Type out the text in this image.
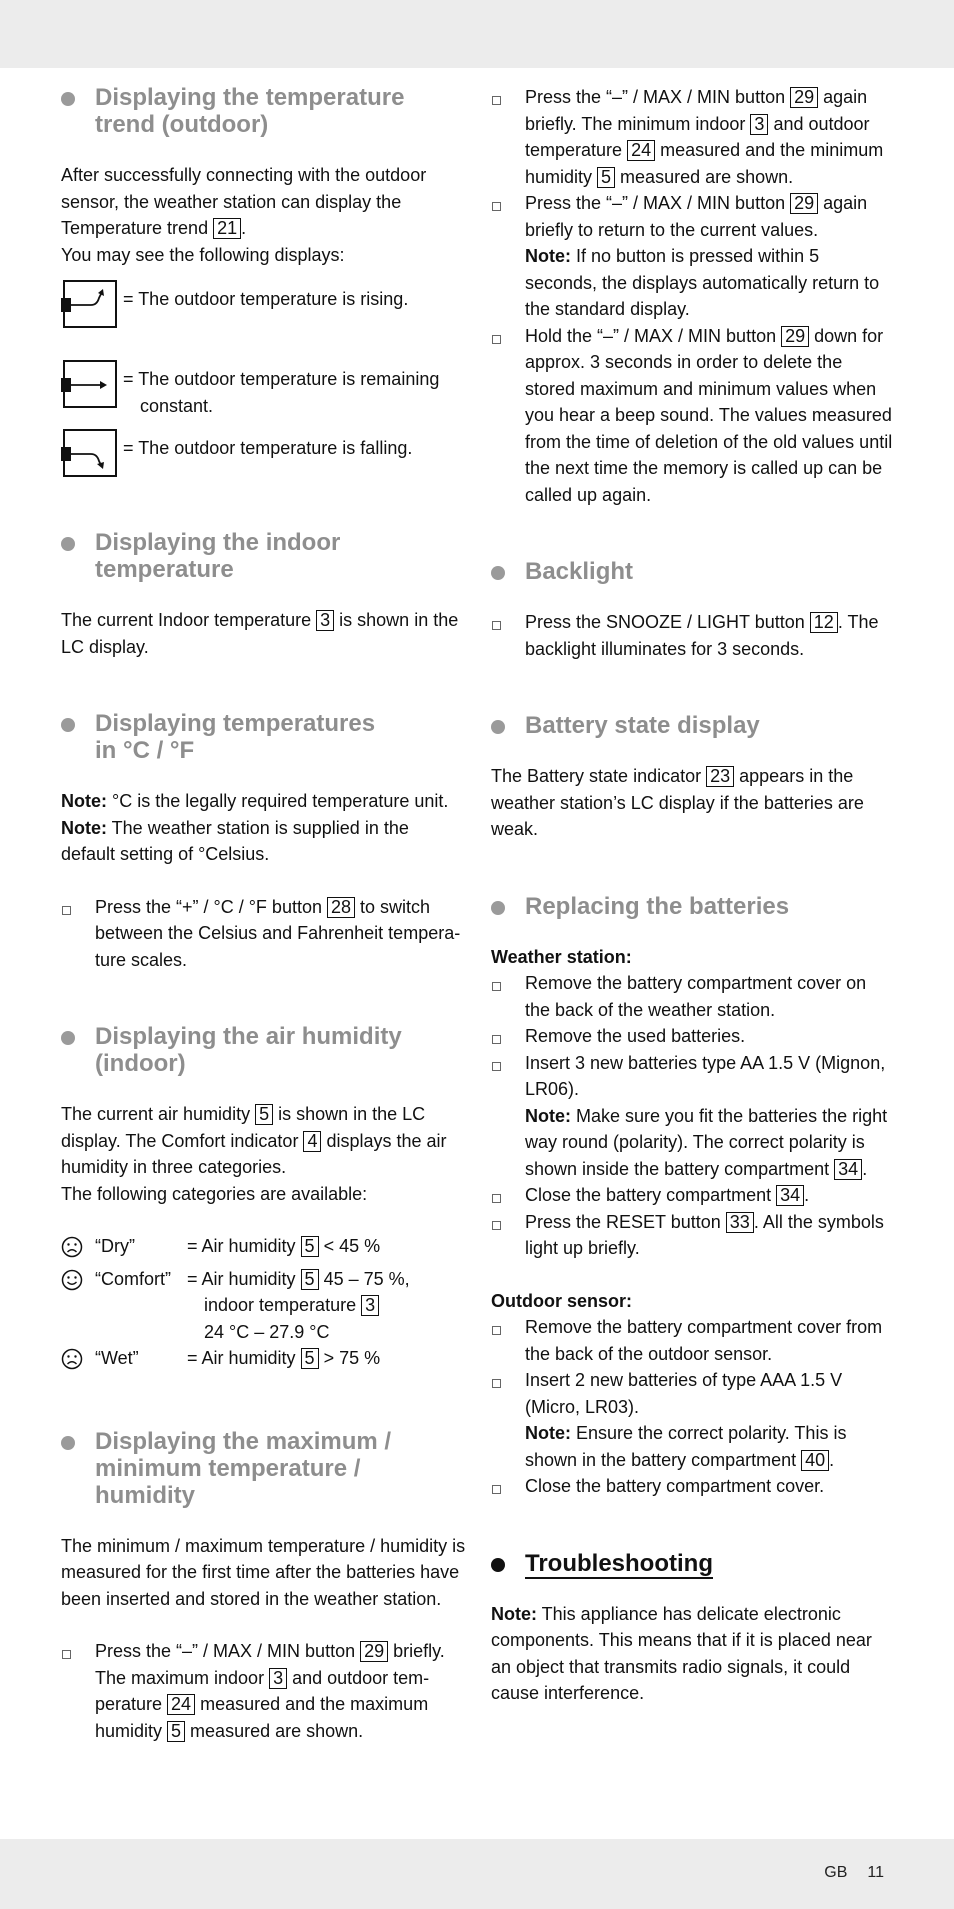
Displaying the temperature
trend (outdoor)

After successfully connecting with the outdoor sensor, the weather station can display the Temperature trend 21 .
You may see the following displays:

= The outdoor temperature is rising.
= The outdoor temperature is remaining
constant.
= The outdoor temperature is falling.
Displaying the indoor
temperature

The current Indoor temperature 3 is shown in the LC display.

Displaying temperatures
in °C / °F

Note: °C is the legally required temperature unit.

Note: The weather station is supplied in the default setting of °Celsius.

Press the “+” / °C / °F button 28 to switch between the Celsius and Fahrenheit tempera-ture scales.

Displaying the air humidity
(indoor)

The current air humidity 5 is shown in the LC display. The Comfort indicator 4 displays the air humidity in three categories.
The following categories are available:

“Dry”	= Air humidity 5 < 45 %
“Comfort” = Air humidity 5 45 – 75 %,
indoor temperature 3
24 °C – 27.9 °C
“Wet”	= Air humidity 5 > 75 %
Displaying the maximum /
minimum temperature /
humidity

The minimum / maximum temperature / humidity is measured for the first time after the batteries have been inserted and stored in the weather station.

Press the “–” / MAX / MIN button 29 briefly. The maximum indoor 3 and outdoor tem-perature 24 measured and the maximum humidity 5 measured are shown.

Press the “–” / MAX / MIN button 29 again briefly. The minimum indoor 3 and outdoor temperature 24 measured and the minimum humidity 5 measured are shown.

Press the “–” / MAX / MIN button 29 again briefly to return to the current values.
Note: If no button is pressed within 5 seconds, the displays automatically return to the standard display.

Hold the “–” / MAX / MIN button 29 down for approx. 3 seconds in order to delete the stored maximum and minimum values when you hear a beep sound. The values measured from the time of deletion of the old values until the next time the memory is called up can be called up again.

Backlight

Press the SNOOZE / LIGHT button 12 . The backlight illuminates for 3 seconds.

Battery state display

The Battery state indicator 23 appears in the weather station’s LC display if the batteries are weak.

Replacing the batteries

Weather station:

Remove the battery compartment cover on the back of the weather station.

Remove the used batteries.

Insert 3 new batteries type AA 1.5 V (Mignon, LR06).
Note: Make sure you fit the batteries the right way round (polarity). The correct polarity is shown inside the battery compartment 34 .

Close the battery compartment 34 .

Press the RESET button 33 . All the symbols light up briefly.

Outdoor sensor:

Remove the battery compartment cover from the back of the outdoor sensor.

Insert 2 new batteries of type AAA 1.5 V (Micro, LR03).
Note: Ensure the correct polarity. This is shown in the battery compartment 40 .

Close the battery compartment cover.

Troubleshooting

Note: This appliance has delicate electronic components. This means that if it is placed near an object that transmits radio signals, it could cause interference.

GB 11
